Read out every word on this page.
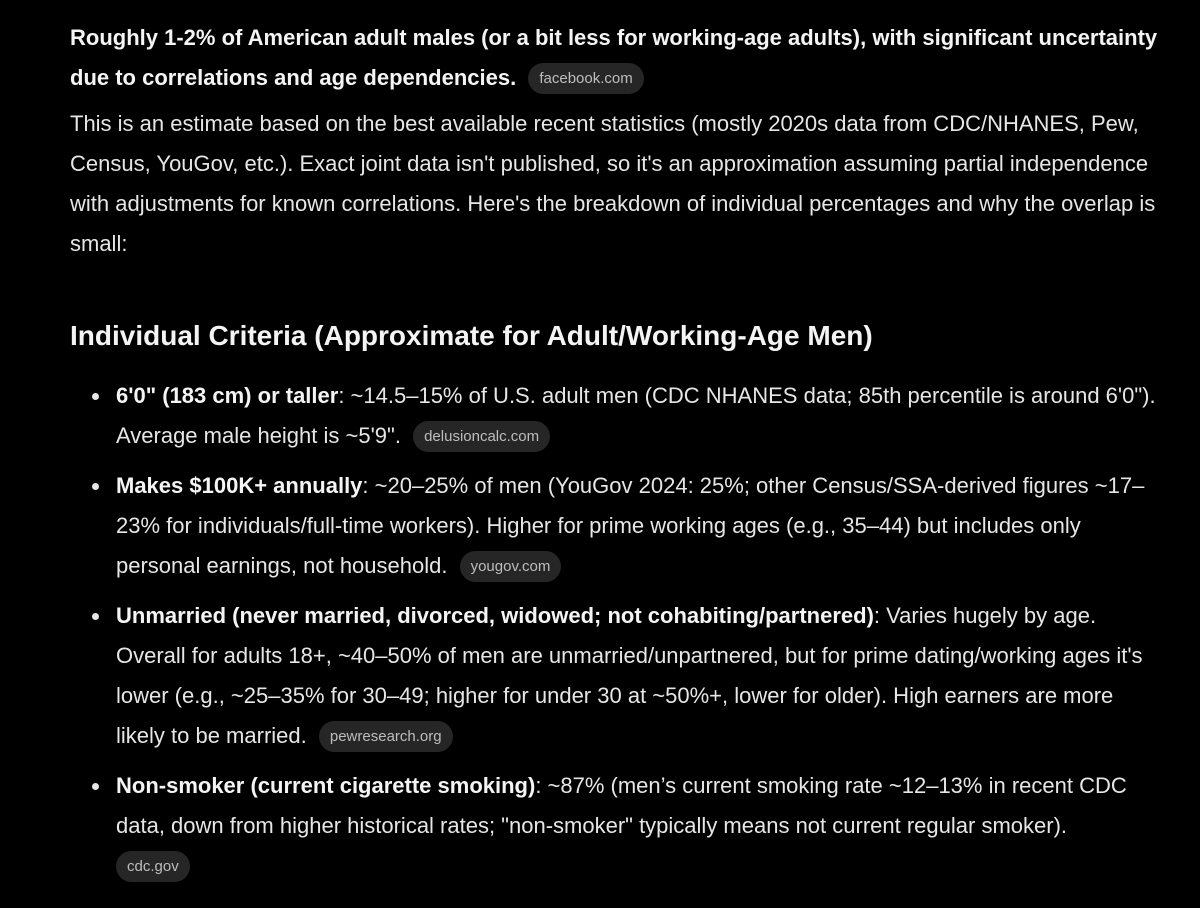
Roughly 1-2% of American adult males (or a bit less for working-age adults), with significant uncertainty due to correlations and age dependencies. facebook.com

This is an estimate based on the best available recent statistics (mostly 2020s data from CDC/NHANES, Pew, Census, YouGov, etc.). Exact joint data isn't published, so it's an approximation assuming partial independence with adjustments for known correlations. Here's the breakdown of individual percentages and why the overlap is small:

Individual Criteria (Approximate for Adult/Working-Age Men)
6'0" (183 cm) or taller: ~14.5–15% of U.S. adult men (CDC NHANES data; 85th percentile is around 6'0"). Average male height is ~5'9". delusioncalc.com
Makes $100K+ annually: ~20–25% of men (YouGov 2024: 25%; other Census/SSA-derived figures ~17–23% for individuals/full-time workers). Higher for prime working ages (e.g., 35–44) but includes only personal earnings, not household. yougov.com
Unmarried (never married, divorced, widowed; not cohabiting/partnered): Varies hugely by age. Overall for adults 18+, ~40–50% of men are unmarried/unpartnered, but for prime dating/working ages it's lower (e.g., ~25–35% for 30–49; higher for under 30 at ~50%+, lower for older). High earners are more likely to be married. pewresearch.org
Non-smoker (current cigarette smoking): ~87% (men’s current smoking rate ~12–13% in recent CDC data, down from higher historical rates; "non-smoker" typically means not current regular smoker).
cdc.gov
